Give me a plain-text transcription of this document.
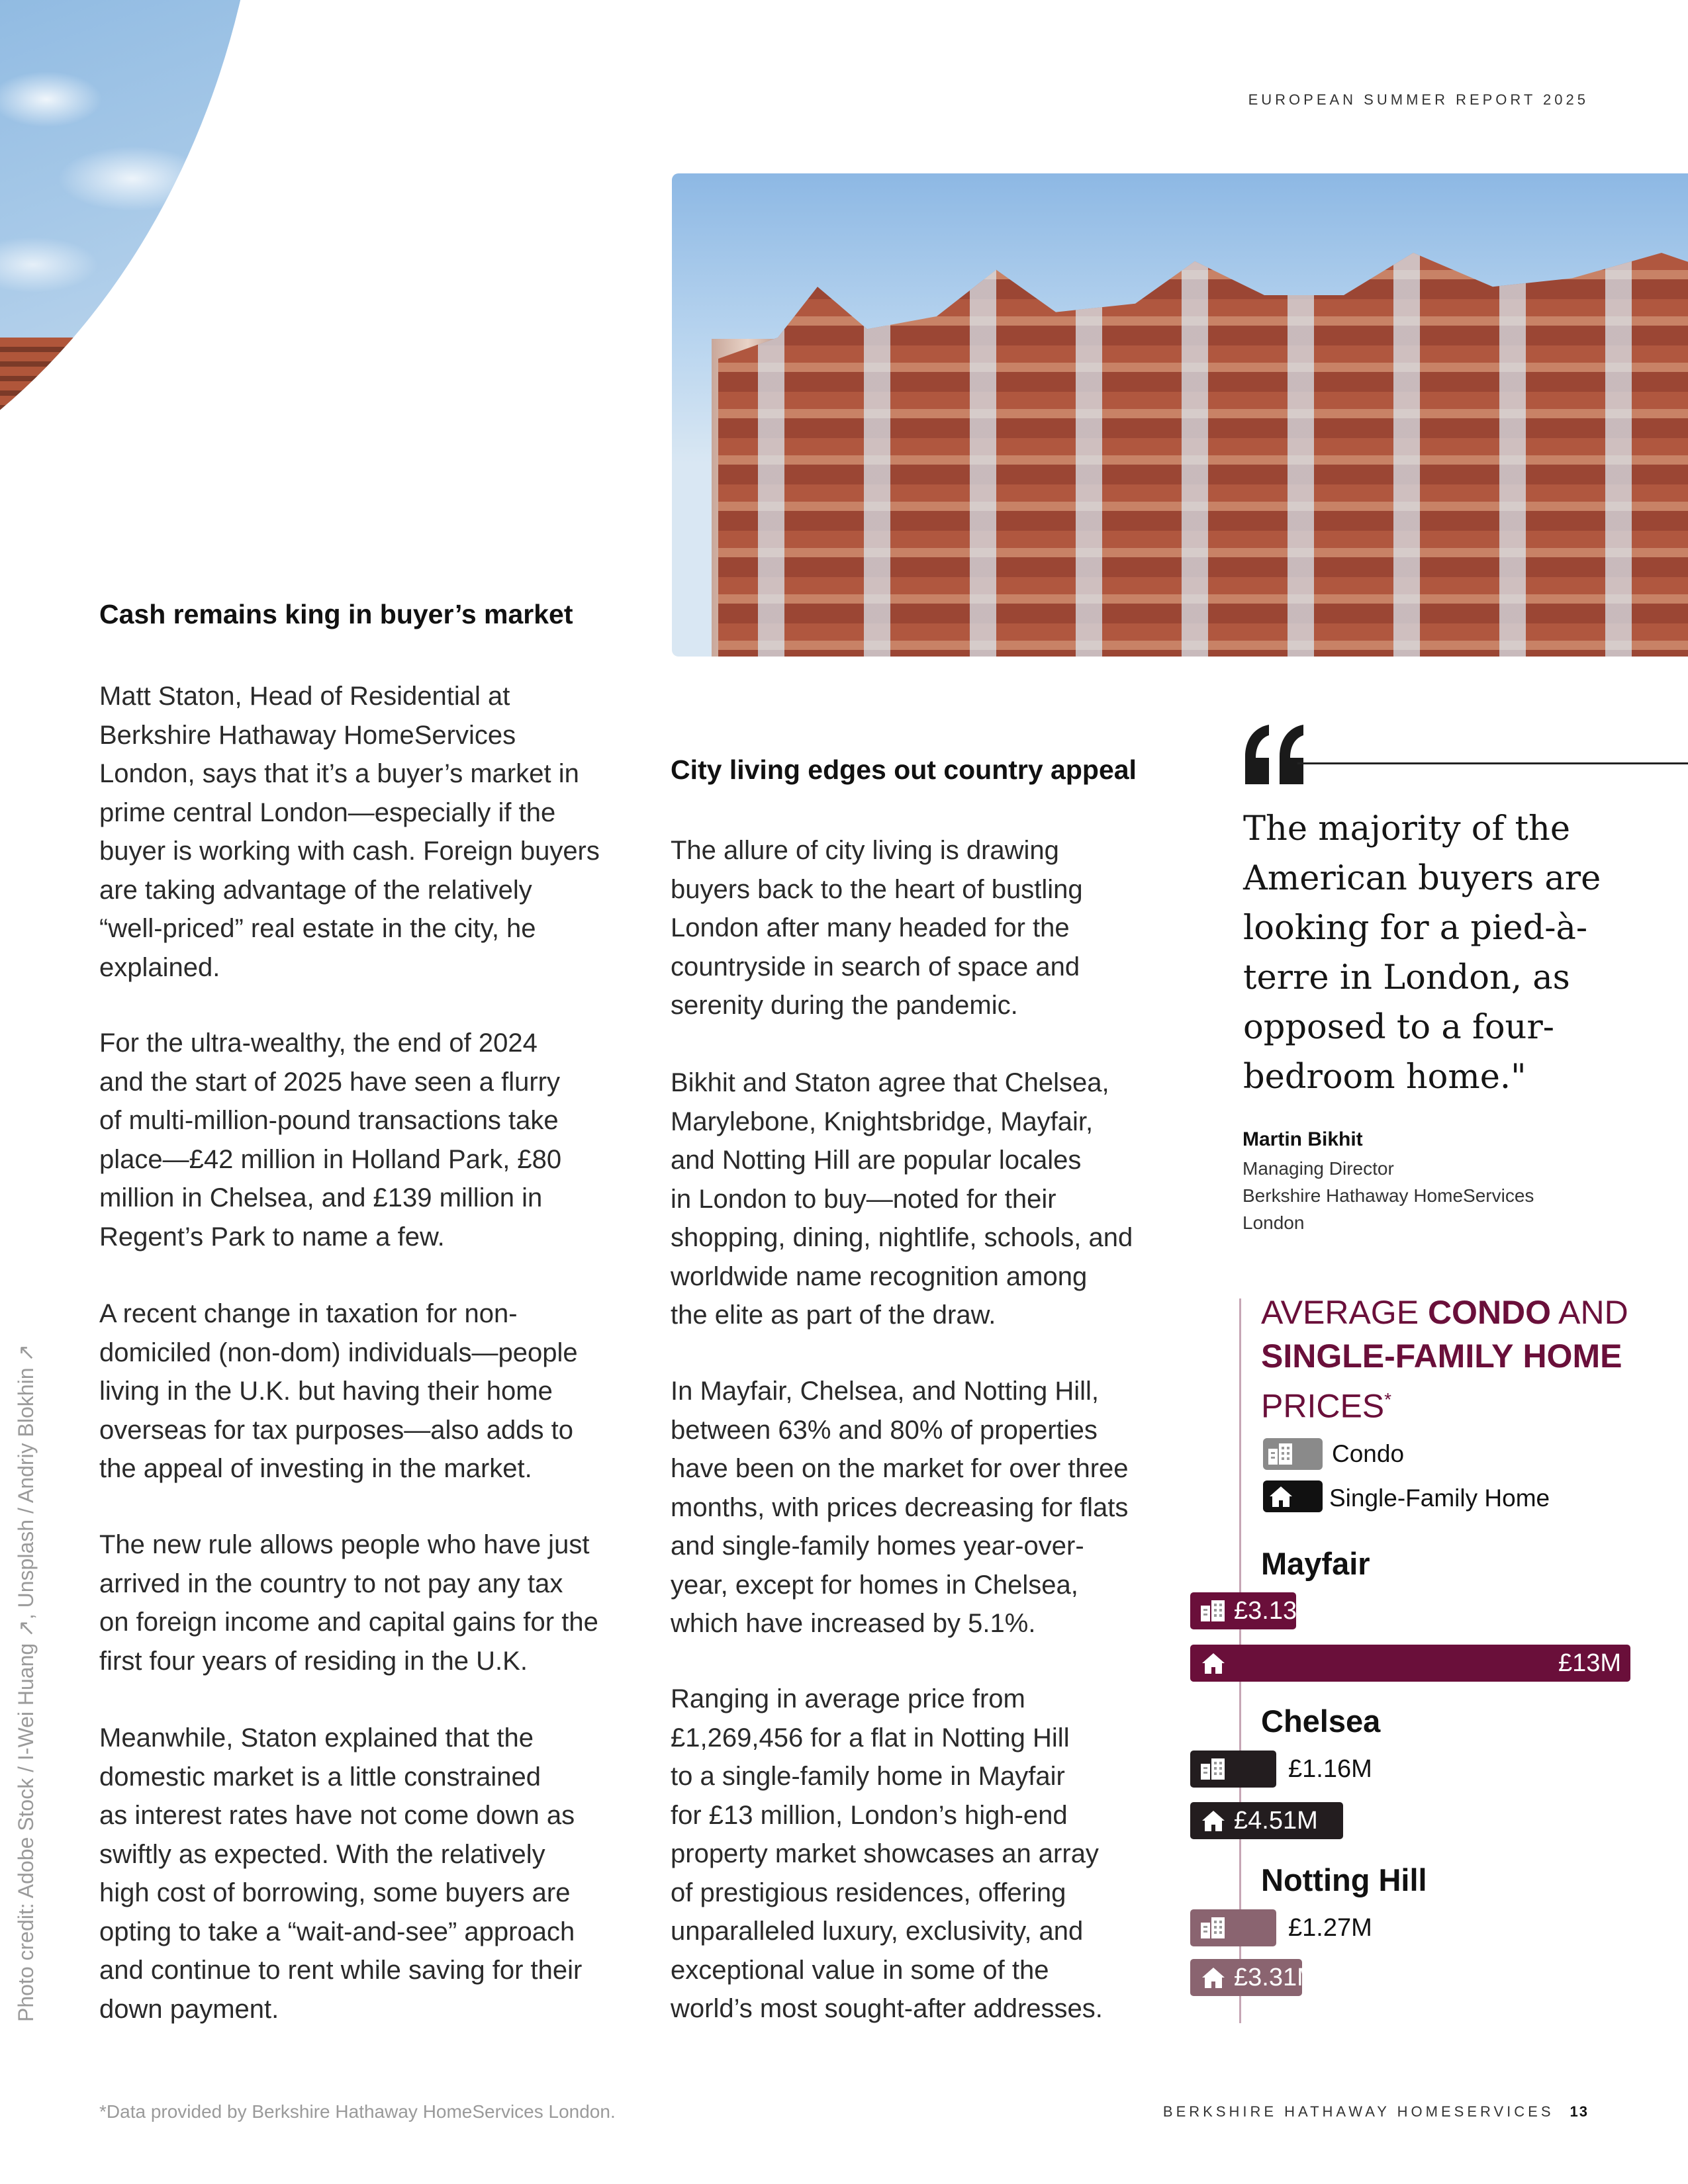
EUROPEAN SUMMER REPORT 2025
Cash remains king in buyer’s market
Matt Staton, Head of Residential at
Berkshire Hathaway HomeServices
London, says that it’s a buyer’s market in
prime central London—especially if the
buyer is working with cash. Foreign buyers
are taking advantage of the relatively
“well-priced” real estate in the city, he
explained.
For the ultra-wealthy, the end of 2024
and the start of 2025 have seen a flurry
of multi-million-pound transactions take
place—£42 million in Holland Park, £80
million in Chelsea, and £139 million in
Regent’s Park to name a few.
A recent change in taxation for non-
domiciled (non-dom) individuals—people
living in the U.K. but having their home
overseas for tax purposes—also adds to
the appeal of investing in the market.
The new rule allows people who have just
arrived in the country to not pay any tax
on foreign income and capital gains for the
first four years of residing in the U.K.
Meanwhile, Staton explained that the
domestic market is a little constrained
as interest rates have not come down as
swiftly as expected. With the relatively
high cost of borrowing, some buyers are
opting to take a “wait-and-see” approach
and continue to rent while saving for their
down payment.
City living edges out country appeal
The allure of city living is drawing
buyers back to the heart of bustling
London after many headed for the
countryside in search of space and
serenity during the pandemic.
Bikhit and Staton agree that Chelsea,
Marylebone, Knightsbridge, Mayfair,
and Notting Hill are popular locales
in London to buy—noted for their
shopping, dining, nightlife, schools, and
worldwide name recognition among
the elite as part of the draw.
In Mayfair, Chelsea, and Notting Hill,
between 63% and 80% of properties
have been on the market for over three
months, with prices decreasing for flats
and single-family homes year-over-
year, except for homes in Chelsea,
which have increased by 5.1%.
Ranging in average price from
£1,269,456 for a flat in Notting Hill
to a single-family home in Mayfair
for £13 million, London’s high-end
property market showcases an array
of prestigious residences, offering
unparalleled luxury, exclusivity, and
exceptional value in some of the
world’s most sought-after addresses.
The majority of the American buyers are looking for a pied-à-terre in London, as opposed to a four-bedroom home."
Martin Bikhit
Managing Director
Berkshire Hathaway HomeServices
London
AVERAGE CONDO AND SINGLE-FAMILY HOME PRICES*
Condo
Single-Family Home
Mayfair
Chelsea
Notting Hill
£3.13M
£13M
£1.16M
£4.51M
£1.27M
£3.31M
Photo credit: Adobe Stock / I-Wei Huang ↗, Unsplash / Andriy Blokhin ↗
*Data provided by Berkshire Hathaway HomeServices London.	BERKSHIRE HATHAWAY HOMESERVICES 13
